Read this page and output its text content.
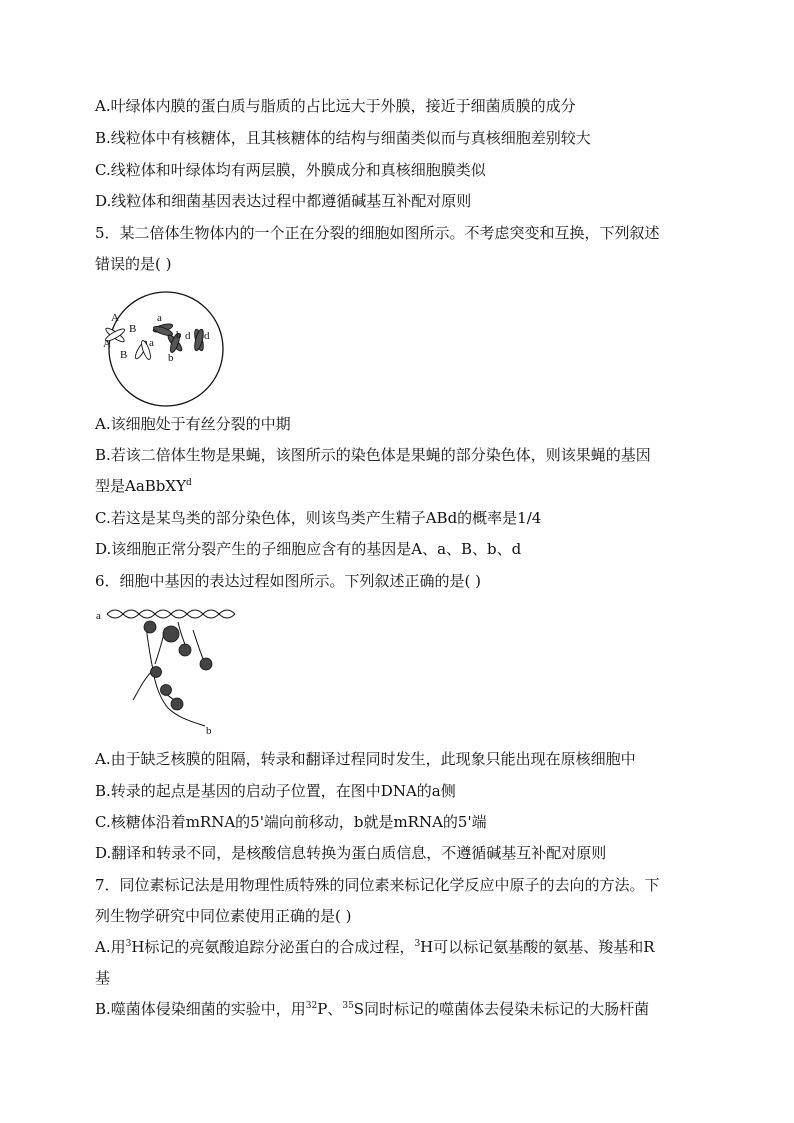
A.叶绿体内膜的蛋白质与脂质的占比远大于外膜，接近于细菌质膜的成分
B.线粒体中有核糖体，且其核糖体的结构与细菌类似而与真核细胞差别较大
C.线粒体和叶绿体均有两层膜，外膜成分和真核细胞膜类似
D.线粒体和细菌基因表达过程中都遵循碱基互补配对原则
5．某二倍体生物体内的一个正在分裂的细胞如图所示。不考虑突变和互换，下列叙述
错误的是( )
A
A
B
B
a
a
b
b
d d
A.该细胞处于有丝分裂的中期
B.若该二倍体生物是果蝇，该图所示的染色体是果蝇的部分染色体，则该果蝇的基因
型是AaBbXY$^d$
C.若这是某鸟类的部分染色体，则该鸟类产生精子ABd的概率是1/4
D.该细胞正常分裂产生的子细胞应含有的基因是A、a、B、b、d
6．细胞中基因的表达过程如图所示。下列叙述正确的是( )
a
b
A.由于缺乏核膜的阻隔，转录和翻译过程同时发生，此现象只能出现在原核细胞中
B.转录的起点是基因的启动子位置，在图中DNA的a侧
C.核糖体沿着mRNA的5'端向前移动，b就是mRNA的5'端
D.翻译和转录不同，是核酸信息转换为蛋白质信息，不遵循碱基互补配对原则
7．同位素标记法是用物理性质特殊的同位素来标记化学反应中原子的去向的方法。下
列生物学研究中同位素使用正确的是( )
A.用$^3$H标记的亮氨酸追踪分泌蛋白的合成过程，$^3$H可以标记氨基酸的氨基、羧基和R
基
B.噬菌体侵染细菌的实验中，用$^{32}$P、$^{35}$S同时标记的噬菌体去侵染未标记的大肠杆菌
